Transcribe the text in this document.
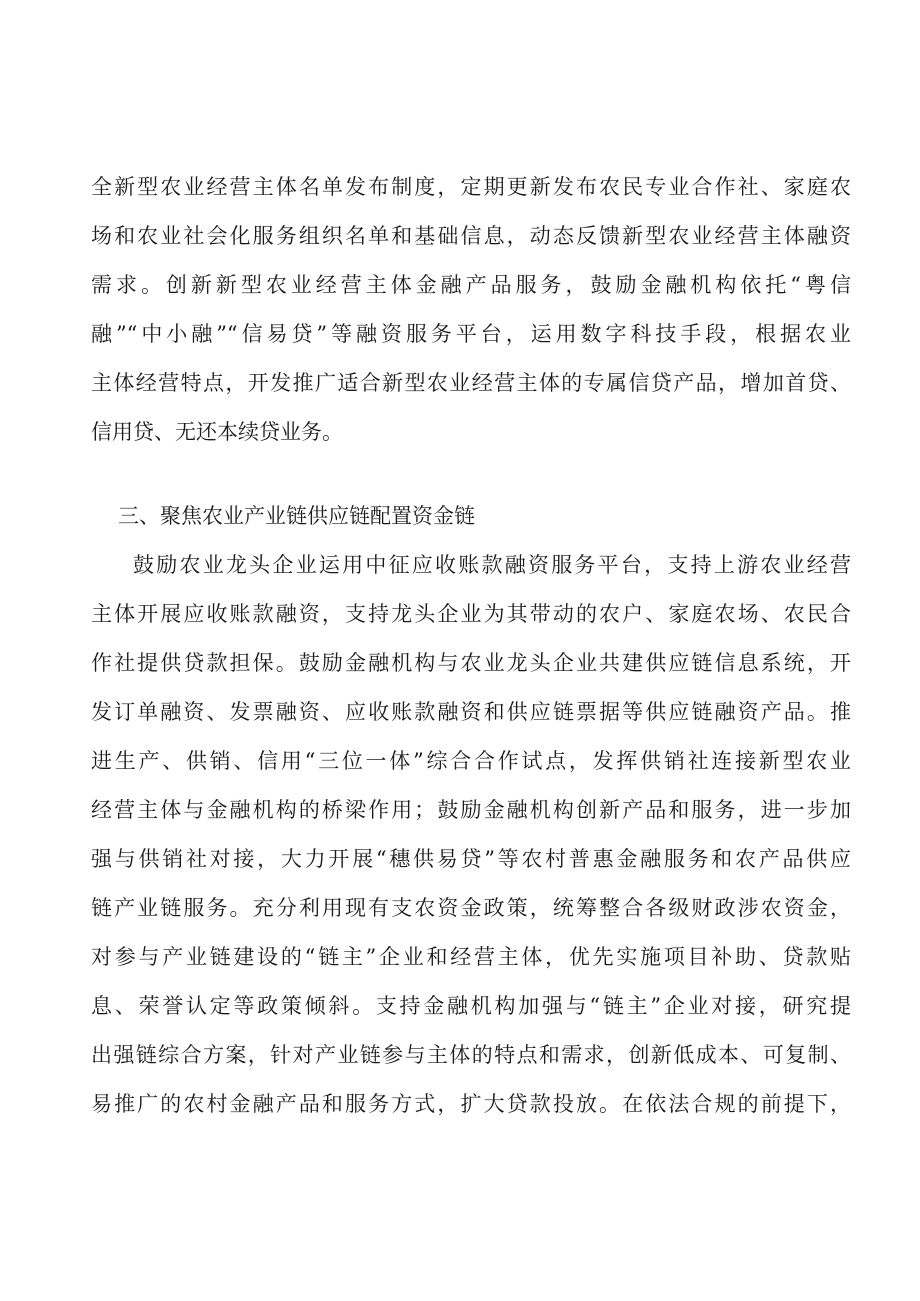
全新型农业经营主体名单发布制度，定期更新发布农民专业合作社、家庭农
场和农业社会化服务组织名单和基础信息，动态反馈新型农业经营主体融资
需求。创新新型农业经营主体金融产品服务，鼓励金融机构依托“粤信
融”“中小融”“信易贷”等融资服务平台，运用数字科技手段，根据农业
主体经营特点，开发推广适合新型农业经营主体的专属信贷产品，增加首贷、
信用贷、无还本续贷业务。
三、聚焦农业产业链供应链配置资金链
鼓励农业龙头企业运用中征应收账款融资服务平台，支持上游农业经营
主体开展应收账款融资，支持龙头企业为其带动的农户、家庭农场、农民合
作社提供贷款担保。鼓励金融机构与农业龙头企业共建供应链信息系统，开
发订单融资、发票融资、应收账款融资和供应链票据等供应链融资产品。推
进生产、供销、信用“三位一体”综合合作试点，发挥供销社连接新型农业
经营主体与金融机构的桥梁作用；鼓励金融机构创新产品和服务，进一步加
强与供销社对接，大力开展“穗供易贷”等农村普惠金融服务和农产品供应
链产业链服务。充分利用现有支农资金政策，统筹整合各级财政涉农资金，
对参与产业链建设的“链主”企业和经营主体，优先实施项目补助、贷款贴
息、荣誉认定等政策倾斜。支持金融机构加强与“链主”企业对接，研究提
出强链综合方案，针对产业链参与主体的特点和需求，创新低成本、可复制、
易推广的农村金融产品和服务方式，扩大贷款投放。在依法合规的前提下，
